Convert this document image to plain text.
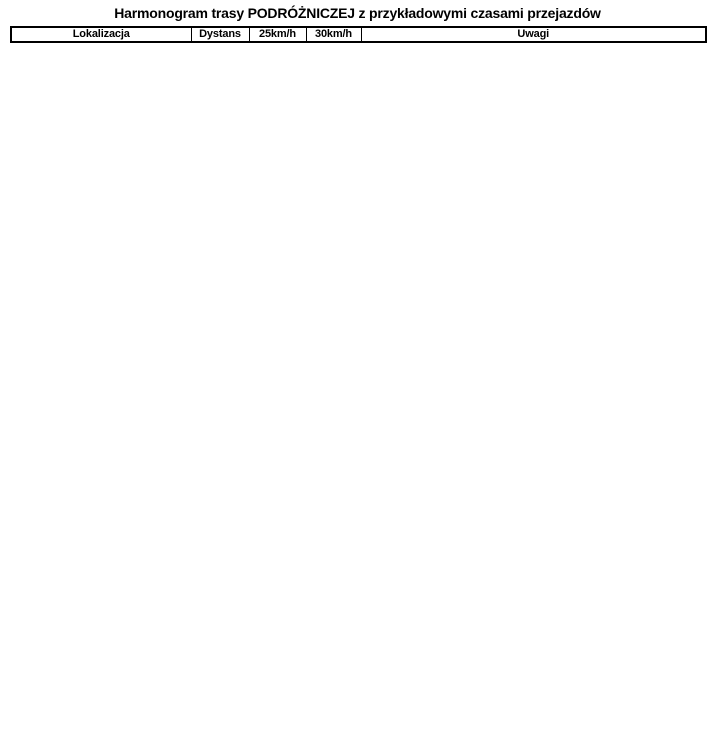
Harmonogram trasy PODRÓŻNICZEJ z przykładowymi czasami przejazdów
Lokalizacja	Dystans	25km/h	30km/h	Uwagi
